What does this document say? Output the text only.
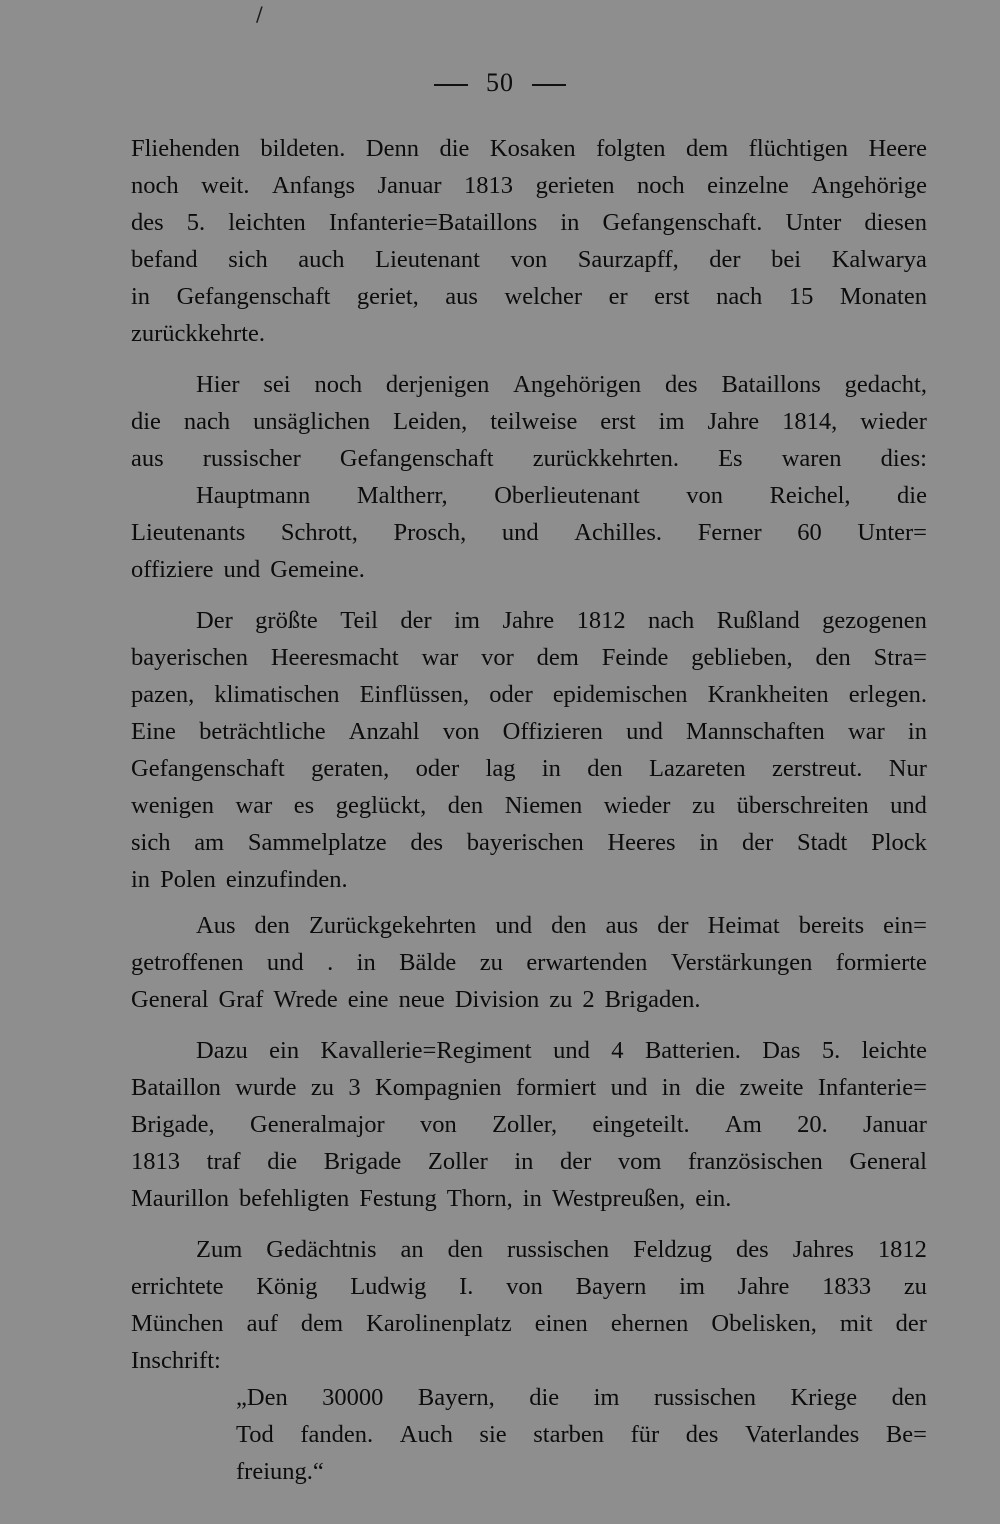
/
50
Fliehenden bildeten. Denn die Kosaken folgten dem flüchtigen Heere
noch weit. Anfangs Januar 1813 gerieten noch einzelne Angehörige
des 5. leichten Infanterie=Bataillons in Gefangenschaft. Unter diesen
befand sich auch Lieutenant von Saurzapff, der bei Kalwarya
in Gefangenschaft geriet, aus welcher er erst nach 15 Monaten
zurückkehrte.
Hier sei noch derjenigen Angehörigen des Bataillons gedacht,
die nach unsäglichen Leiden, teilweise erst im Jahre 1814, wieder
aus russischer Gefangenschaft zurückkehrten. Es waren dies:
Hauptmann Maltherr, Oberlieutenant von Reichel, die
Lieutenants Schrott, Prosch, und Achilles. Ferner 60 Unter=
offiziere und Gemeine.
Der größte Teil der im Jahre 1812 nach Rußland gezogenen
bayerischen Heeresmacht war vor dem Feinde geblieben, den Stra=
pazen, klimatischen Einflüssen, oder epidemischen Krankheiten erlegen.
Eine beträchtliche Anzahl von Offizieren und Mannschaften war in
Gefangenschaft geraten, oder lag in den Lazareten zerstreut. Nur
wenigen war es geglückt, den Niemen wieder zu überschreiten und
sich am Sammelplatze des bayerischen Heeres in der Stadt Plock
in Polen einzufinden.
Aus den Zurückgekehrten und den aus der Heimat bereits ein=
getroffenen und . in Bälde zu erwartenden Verstärkungen formierte
General Graf Wrede eine neue Division zu 2 Brigaden.
Dazu ein Kavallerie=Regiment und 4 Batterien. Das 5. leichte
Bataillon wurde zu 3 Kompagnien formiert und in die zweite Infanterie=
Brigade, Generalmajor von Zoller, eingeteilt. Am 20. Januar
1813 traf die Brigade Zoller in der vom französischen General
Maurillon befehligten Festung Thorn, in Westpreußen, ein.
Zum Gedächtnis an den russischen Feldzug des Jahres 1812
errichtete König Ludwig I. von Bayern im Jahre 1833 zu
München auf dem Karolinenplatz einen ehernen Obelisken, mit der
Inschrift:
„Den 30000 Bayern, die im russischen Kriege den
Tod fanden. Auch sie starben für des Vaterlandes Be=
freiung.“
